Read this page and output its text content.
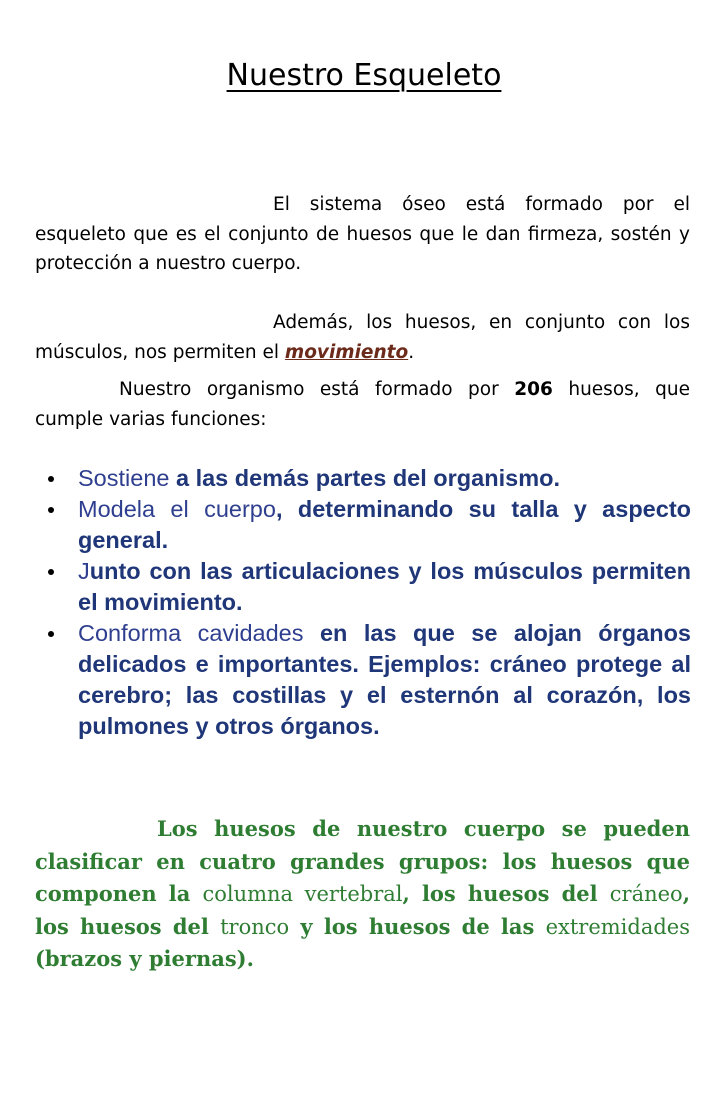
Nuestro Esqueleto

El sistema óseo está formado por el esqueleto que es el conjunto de huesos que le dan firmeza, sostén y protección a nuestro cuerpo.

Además, los huesos, en conjunto con los músculos, nos permiten el movimiento.

Nuestro organismo está formado por 206 huesos, que cumple varias funciones:

Sostiene a las demás partes del organismo.
Modela el cuerpo, determinando su talla y aspecto general.
Junto con las articulaciones y los músculos permiten el movimiento.
Conforma cavidades en las que se alojan órganos delicados e importantes. Ejemplos: cráneo protege al cerebro; las costillas y el esternón al corazón, los pulmones y otros órganos.

Los huesos de nuestro cuerpo se pueden clasificar en cuatro grandes grupos: los huesos que componen la columna vertebral, los huesos del cráneo, los huesos del tronco y los huesos de las extremidades (brazos y piernas).
